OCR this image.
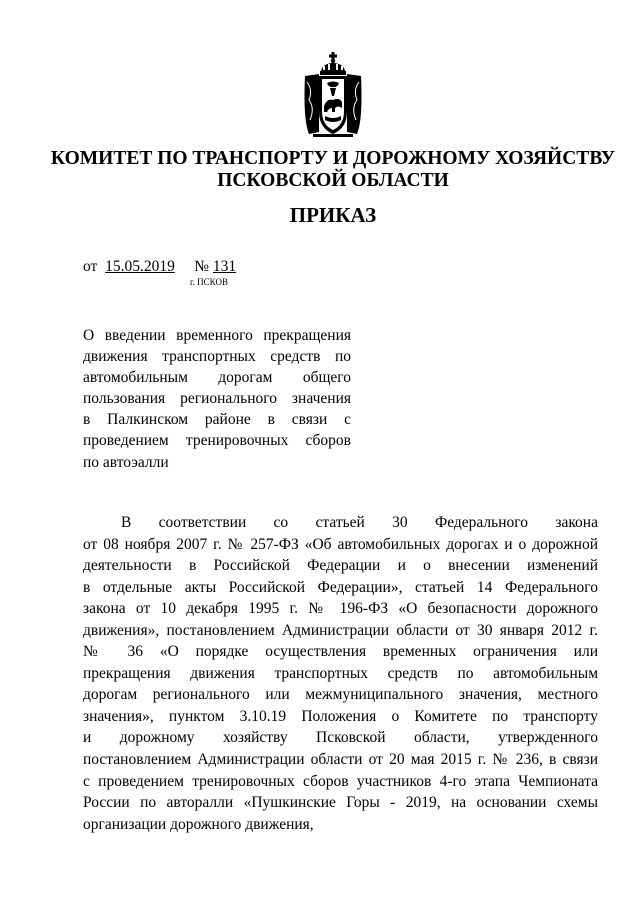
КОМИТЕТ ПО ТРАНСПОРТУ И ДОРОЖНОМУ ХОЗЯЙСТВУ
ПСКОВСКОЙ ОБЛАСТИ
ПРИКАЗ
от 15.05.2019 № 131
г. ПСКОВ
О введении временного прекращения
движения транспортных средств по
автомобильным дорогам общего
пользования регионального значения
в Палкинском районе в связи с
проведением тренировочных сборов
по автоэалли
В соответствии со статьей 30 Федерального закона
от 08 ноября 2007 г. № 257-ФЗ «Об автомобильных дорогах и о дорожной
деятельности в Российской Федерации и о внесении изменений
в отдельные акты Российской Федерации», статьей 14 Федерального
закона от 10 декабря 1995 г. № 196-ФЗ «О безопасности дорожного
движения», постановлением Администрации области от 30 января 2012 г.
№ 36 «О порядке осуществления временных ограничения или
прекращения движения транспортных средств по автомобильным
дорогам регионального или межмуниципального значения, местного
значения», пунктом 3.10.19 Положения о Комитете по транспорту
и дорожному хозяйству Псковской области, утвержденного
постановлением Администрации области от 20 мая 2015 г. № 236, в связи
с проведением тренировочных сборов участников 4-го этапа Чемпионата
России по авторалли «Пушкинские Горы - 2019, на основании схемы
организации дорожного движения,
